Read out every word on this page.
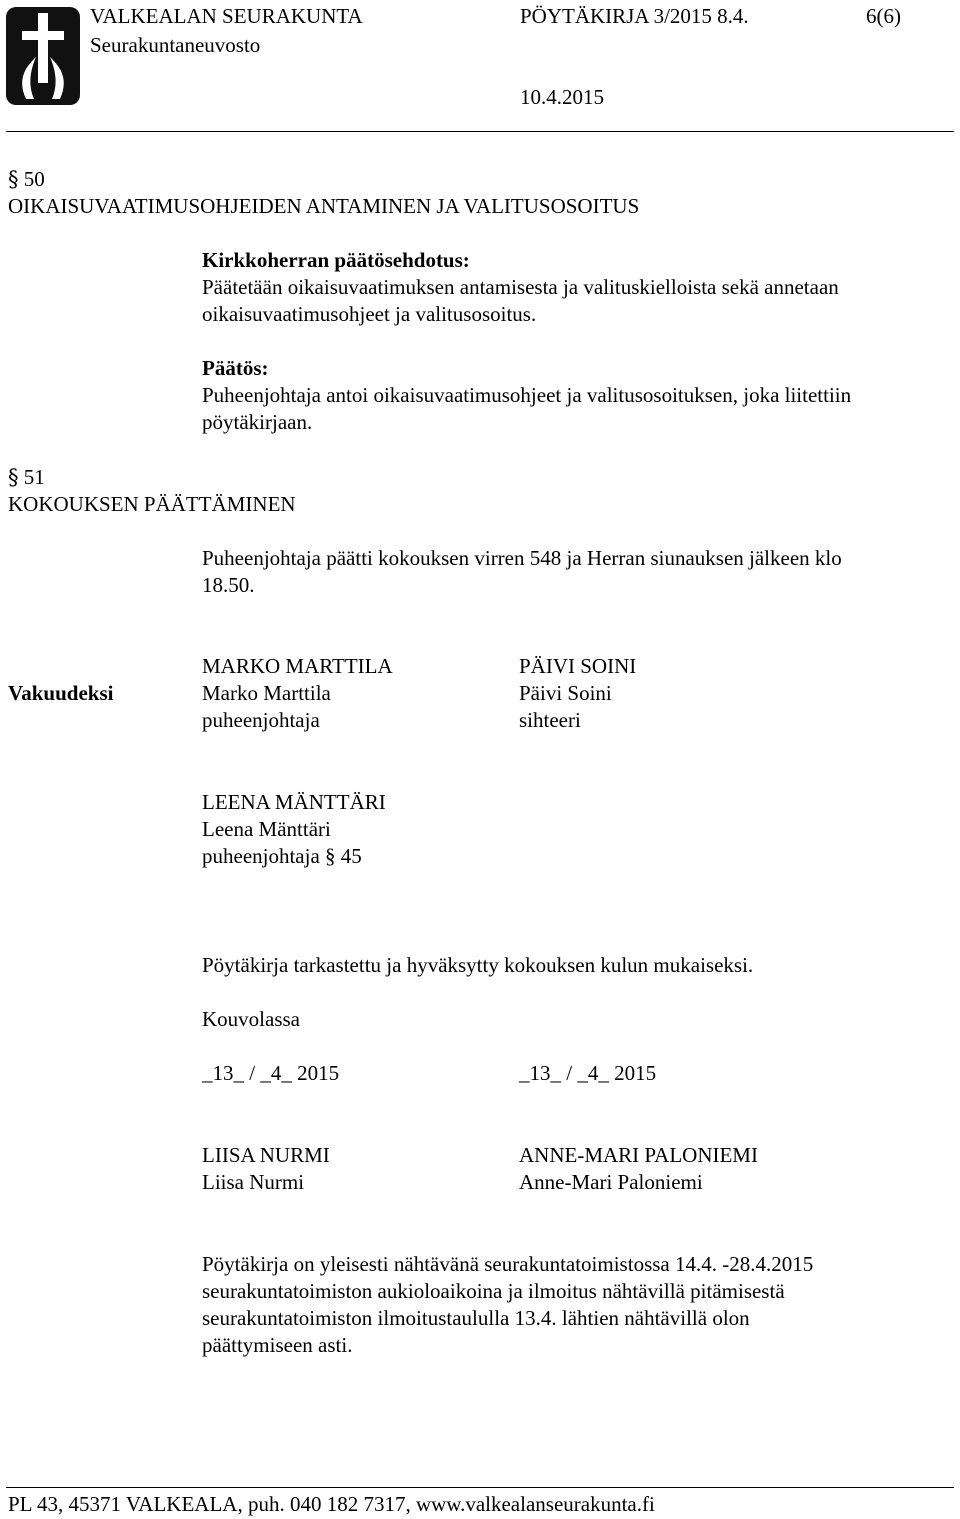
VALKEALAN SEURAKUNTA	PÖYTÄKIRJA 3/2015 8.4.	6(6)
Seurakuntaneuvosto
10.4.2015
§ 50
OIKAISUVAATIMUSOHJEIDEN ANTAMINEN JA VALITUSOSOITUS
Kirkkoherran päätösehdotus:
Päätetään oikaisuvaatimuksen antamisesta ja valituskielloista sekä annetaan
oikaisuvaatimusohjeet ja valitusosoitus.
Päätös:
Puheenjohtaja antoi oikaisuvaatimusohjeet ja valitusosoituksen, joka liitettiin
pöytäkirjaan.
§ 51
KOKOUKSEN PÄÄTTÄMINEN
Puheenjohtaja päätti kokouksen virren 548 ja Herran siunauksen jälkeen klo
18.50.
MARKO MARTTILA	PÄIVI SOINI
Vakuudeksi	Marko Marttila	Päivi Soini
puheenjohtaja	sihteeri
LEENA MÄNTTÄRI
Leena Mänttäri
puheenjohtaja § 45
Pöytäkirja tarkastettu ja hyväksytty kokouksen kulun mukaiseksi.
Kouvolassa
_13_ / _4_ 2015	_13_ / _4_ 2015
LIISA NURMI	ANNE-MARI PALONIEMI
Liisa Nurmi	Anne-Mari Paloniemi
Pöytäkirja on yleisesti nähtävänä seurakuntatoimistossa 14.4. -28.4.2015
seurakuntatoimiston aukioloaikoina ja ilmoitus nähtävillä pitämisestä
seurakuntatoimiston ilmoitustaululla 13.4. lähtien nähtävillä olon
päättymiseen asti.
PL 43, 45371 VALKEALA, puh. 040 182 7317, www.valkealanseurakunta.fi
